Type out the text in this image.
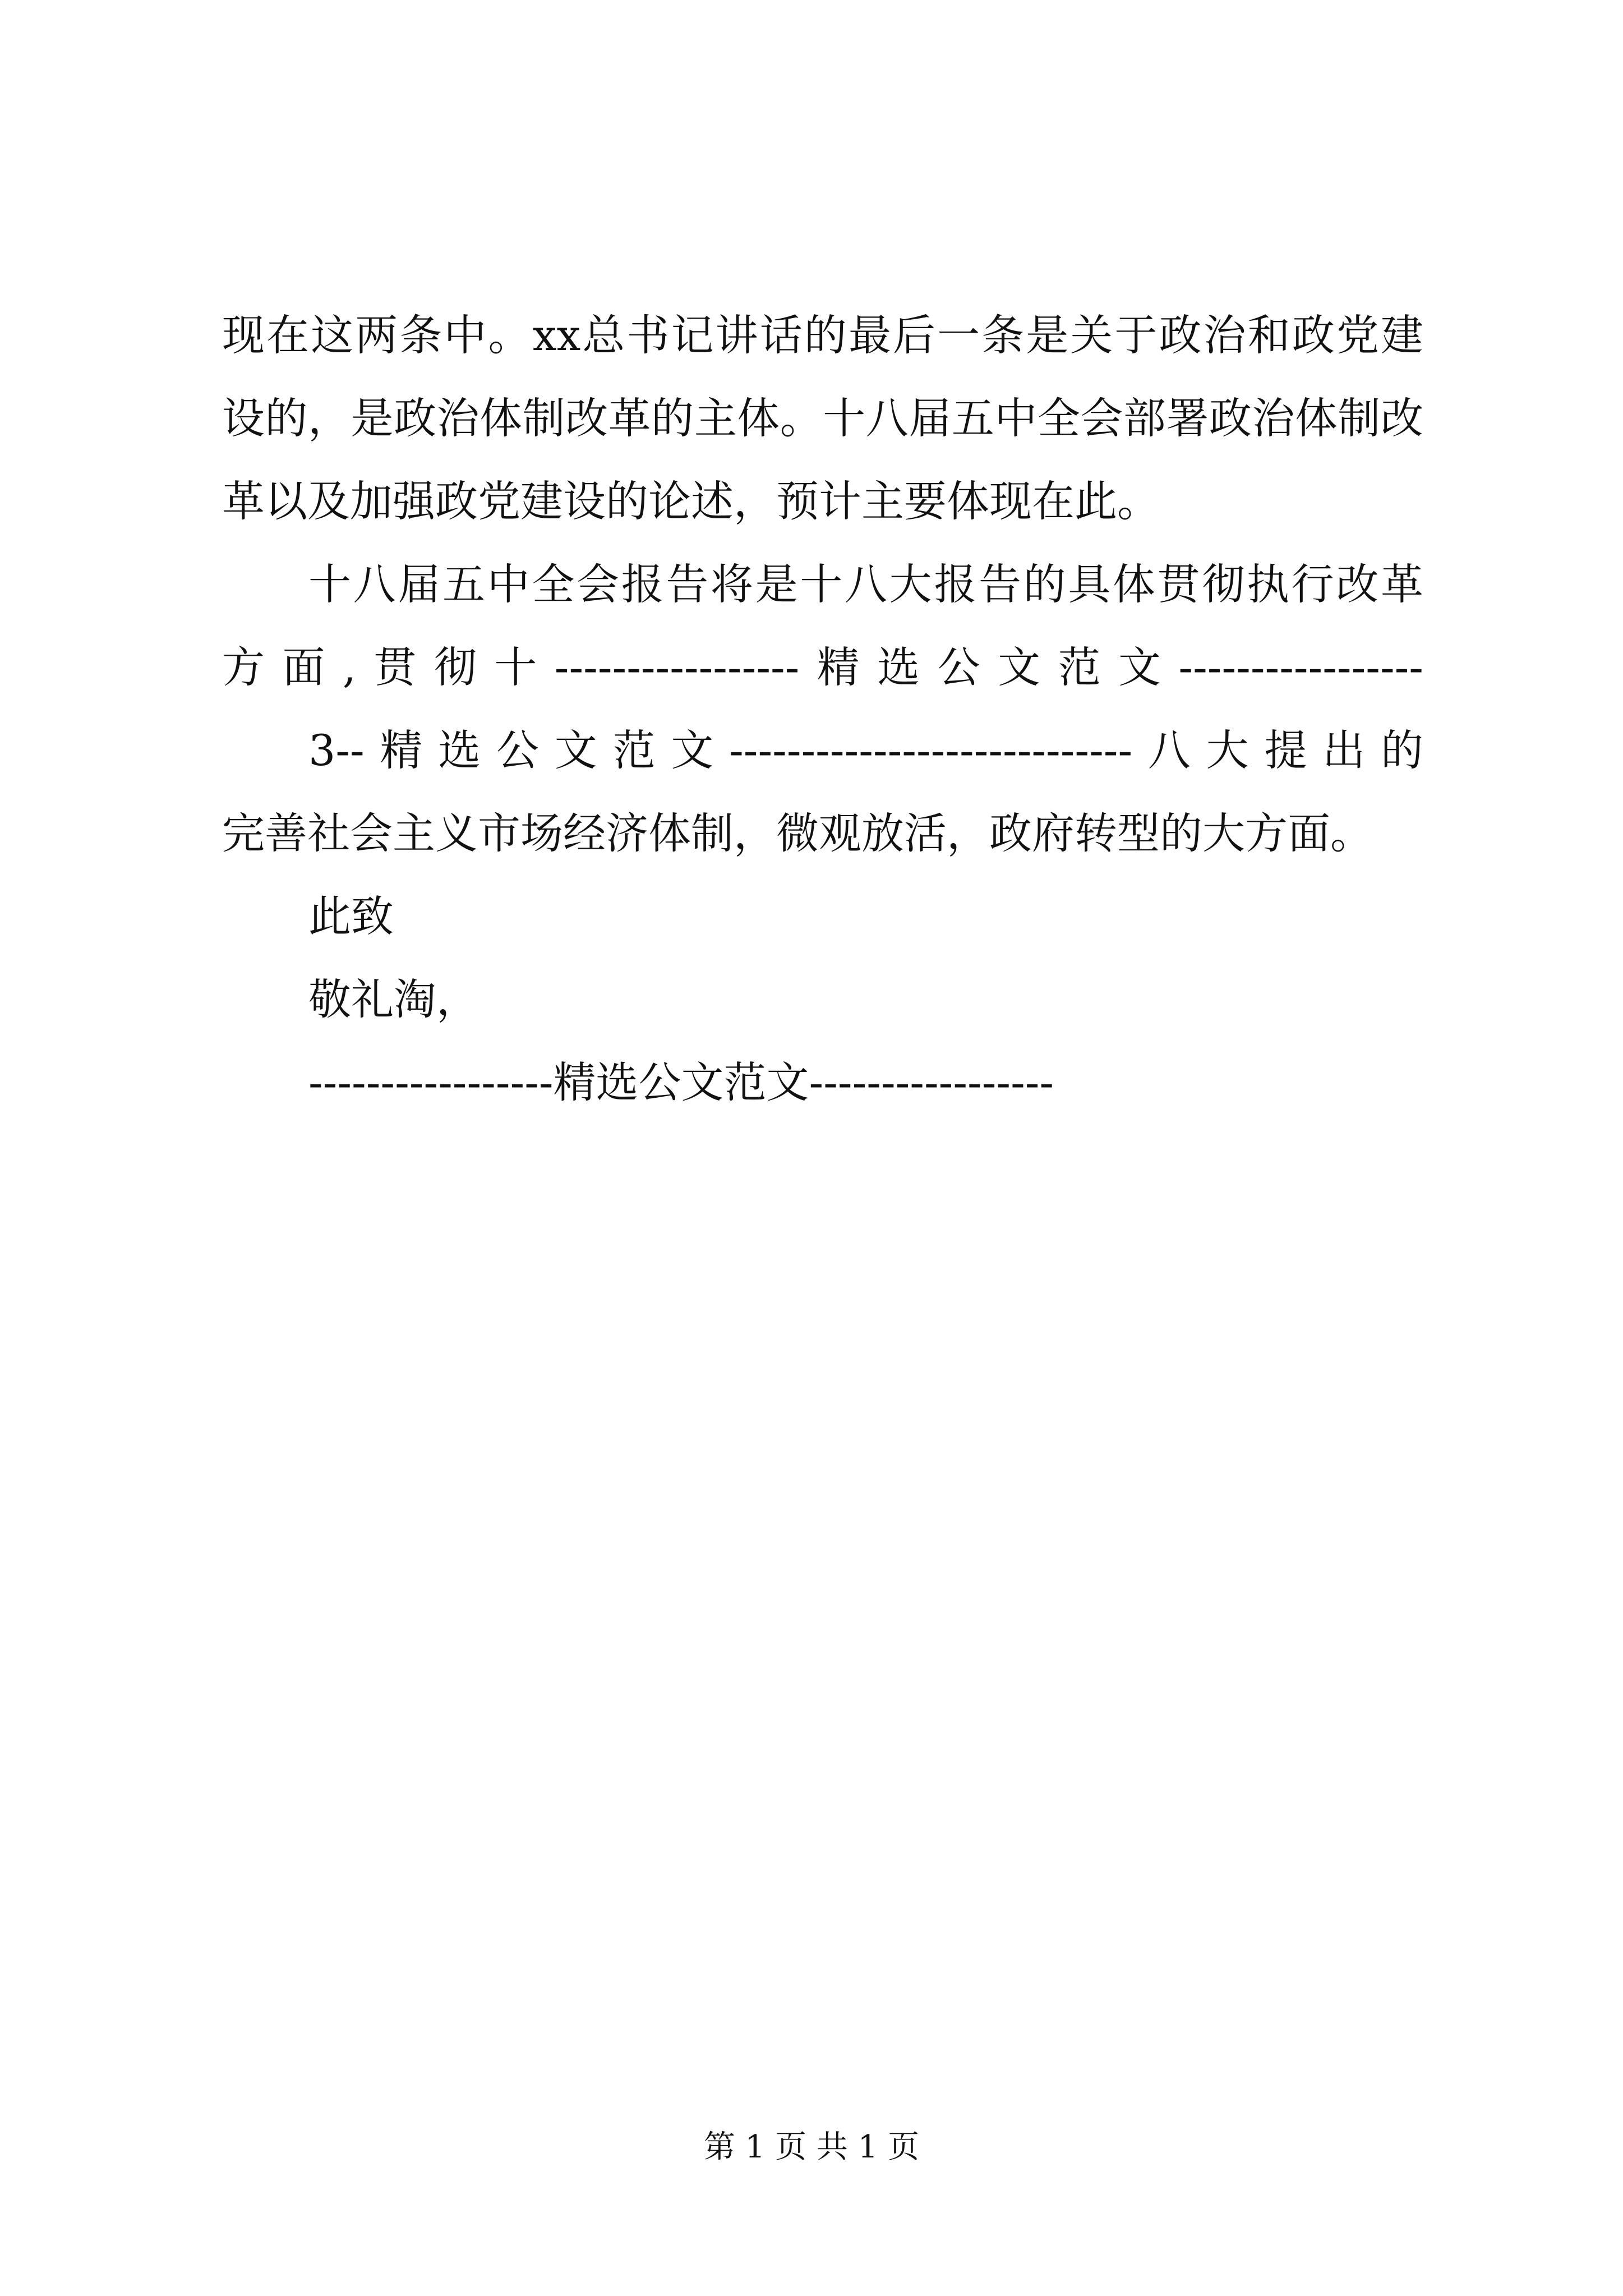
现在这两条中。xx总书记讲话的最后一条是关于政治和政党建
设的，是政治体制改革的主体。十八届五中全会部署政治体制改
革以及加强政党建设的论述，预计主要体现在此。
十八届五中全会报告将是十八大报告的具体贯彻执行改革
方面,贯彻十-----------------精选公文范文-----------------
3--精选公文范文----------------------------八大提出的
完善社会主义市场经济体制，微观放活，政府转型的大方面。
此致
敬礼淘，
-----------------精选公文范文-----------------
第 1 页 共 1 页
